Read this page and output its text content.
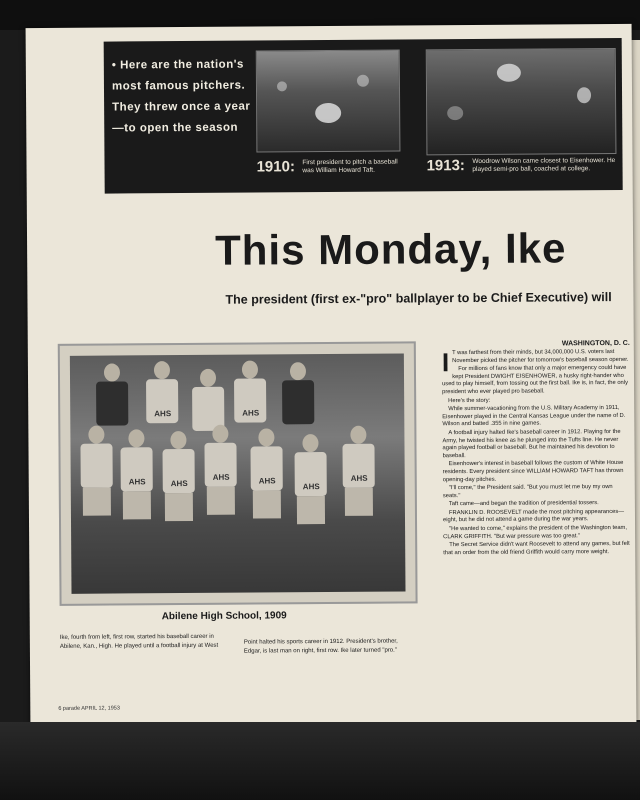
• Here are the nation's most famous pitchers. They threw once a year —to open the season
1910: First president to pitch a baseball was William Howard Taft.	1913: Woodrow Wilson came closest to Eisenhower. He played semi-pro ball, coached at college.
This Monday, Ike
The president (first ex-"pro" ballplayer to be Chief Executive) will
AHS	AHS
AHS	AHS
AHS	AHS
AHS
AHS
Abilene High School, 1909
Ike, fourth from left, first row, started his baseball career in Abilene, Kan., High. He played until a football injury at West
Point halted his sports career in 1912. President's brother, Edgar, is last man on right, first row. Ike later turned "pro."
WASHINGTON, D. C.
I T was farthest from their minds, but 34,000,000 U.S. voters last November picked the pitcher for tomorrow's baseball season opener.

For millions of fans know that only a major emergency could have kept President DWIGHT EISENHOWER, a husky right-hander who used to play himself, from tossing out the first ball. Ike is, in fact, the only president who ever played pro baseball.

Here's the story:

While summer-vacationing from the U.S. Military Academy in 1911, Eisenhower played in the Central Kansas League under the name of D. Wilson and batted .355 in nine games.

A football injury halted Ike's baseball career in 1912. Playing for the Army, he twisted his knee as he plunged into the Tufts line. He never again played football or baseball. But he maintained his devotion to baseball.

Eisenhower's interest in baseball follows the custom of White House residents. Every president since WILLIAM HOWARD TAFT has thrown opening-day pitches.

"I'll come," the President said. "But you must let me buy my own seats."

Taft came—and began the tradition of presidential tossers.

FRANKLIN D. ROOSEVELT made the most pitching appearances—eight, but he did not attend a game during the war years.

"He wanted to come," explains the president of the Washington team, CLARK GRIFFITH. "But war pressure was too great."

The Secret Service didn't want Roosevelt to attend any games, but felt that an order from the old friend Griffith would carry more weight.

6 parade APRIL 12, 1953
